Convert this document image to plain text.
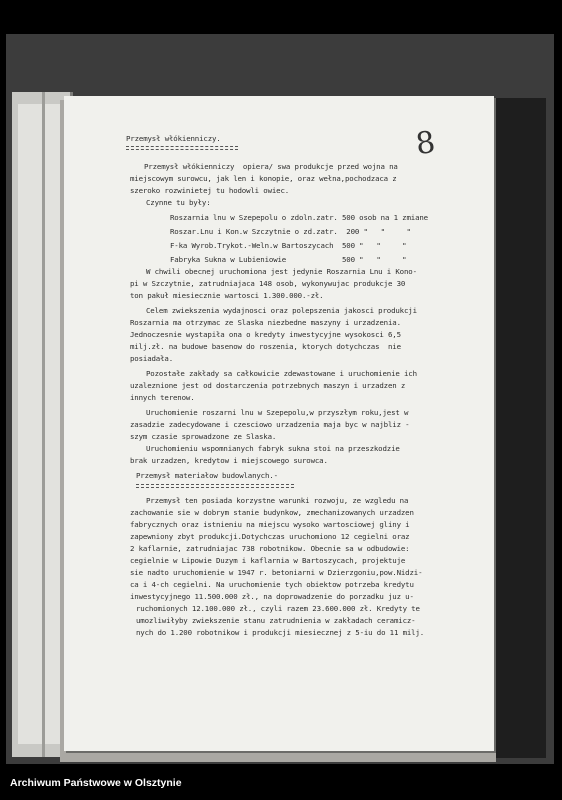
8
Przemysł włókienniczy.
Przemysł włókienniczy  opiera/ swa produkcje przed wojna na
miejscowym surowcu, jak len i konopie, oraz wełna,pochodzaca z
szeroko rozwinietej tu hodowli owiec.
Czynne tu były:
Roszarnia lnu w Szepepolu o zdoln.zatr. 500 osob na 1 zmiane
Roszar.Lnu i Kon.w Szczytnie o zd.zatr.  200 "   "     "
F-ka Wyrob.Trykot.-Weln.w Bartoszycach  500 "   "     "
Fabryka Sukna w Lubieniowie             500 "   "     "
W chwili obecnej uruchomiona jest jedynie Roszarnia Lnu i Kono-
pi w Szczytnie, zatrudniajaca 148 osob, wykonywujac produkcje 30
ton pakuł miesiecznie wartosci 1.300.000.-zł.
Celem zwiekszenia wydajnosci oraz polepszenia jakosci produkcji
Roszarnia ma otrzymac ze Slaska niezbedne maszyny i urzadzenia.
Jednoczesnie wystapiła ona o kredyty inwestycyjne wysokosci 6,5
milj.zł. na budowe basenow do roszenia, ktorych dotychczas  nie
posiadała.
Pozostałe zakłady sa całkowicie zdewastowane i uruchomienie ich
uzaleznione jest od dostarczenia potrzebnych maszyn i urzadzen z
innych terenow.
Uruchomienie roszarni lnu w Szepepolu,w przyszłym roku,jest w
zasadzie zadecydowane i czesciowo urzadzenia maja byc w najbliz -
szym czasie sprowadzone ze Slaska.
Uruchomieniu wspomnianych fabryk sukna stoi na przeszkodzie
brak urzadzen, kredytow i miejscowego surowca.
Przemysł materiałow budowlanych.-
Przemysł ten posiada korzystne warunki rozwoju, ze wzgledu na
zachowanie sie w dobrym stanie budynkow, zmechanizowanych urzadzen
fabrycznych oraz istnieniu na miejscu wysoko wartosciowej gliny i
zapewniony zbyt produkcji.Dotychczas uruchomiono 12 cegielni oraz
2 kaflarnie, zatrudniajac 738 robotnikow. Obecnie sa w odbudowie:
cegielnie w Lipowie Duzym i kaflarnia w Bartoszycach, projektuje
sie nadto uruchomienie w 1947 r. betoniarni w Dzierzgoniu,pow.Nidzi-
ca i 4-ch cegielni. Na uruchomienie tych obiektow potrzeba kredytu
inwestycyjnego 11.500.000 zł., na doprowadzenie do porzadku juz u-
ruchomionych 12.100.000 zł., czyli razem 23.600.000 zł. Kredyty te
umozliwiłyby zwiekszenie stanu zatrudnienia w zakładach ceramicz-
nych do 1.200 robotnikow i produkcji miesiecznej z 5-iu do 11 milj.
Archiwum Państwowe w Olsztynie
